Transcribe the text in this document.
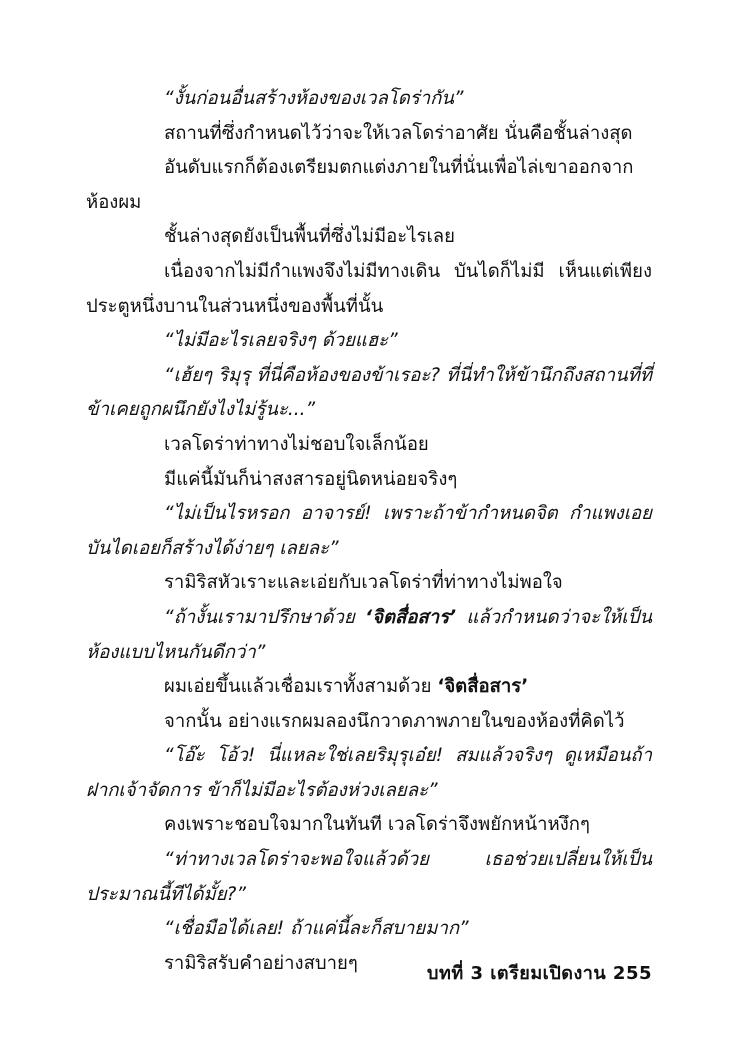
“งั้นก่อนอื่นสร้างห้องของเวลโดร่ากัน”

สถานที่ซึ่งกำหนดไว้ว่าจะให้เวลโดร่าอาศัย นั่นคือชั้นล่างสุด

อันดับแรกก็ต้องเตรียมตกแต่งภายในที่นั่นเพื่อไล่เขาออกจากห้องผม

ชั้นล่างสุดยังเป็นพื้นที่ซึ่งไม่มีอะไรเลย

เนื่องจากไม่มีกำแพงจึงไม่มีทางเดิน บันไดก็ไม่มี เห็นแต่เพียงประตูหนึ่งบานในส่วนหนึ่งของพื้นที่นั้น

“ไม่มีอะไรเลยจริงๆ ด้วยแฮะ”

“เฮ้ยๆ ริมุรุ ที่นี่คือห้องของข้าเรอะ? ที่นี่ทำให้ข้านึกถึงสถานที่ที่ข้าเคยถูกผนึกยังไงไม่รู้นะ...”

เวลโดร่าท่าทางไม่ชอบใจเล็กน้อย

มีแค่นี้มันก็น่าสงสารอยู่นิดหน่อยจริงๆ

“ไม่เป็นไรหรอก อาจารย์! เพราะถ้าข้ากำหนดจิต กำแพงเอย บันไดเอยก็สร้างได้ง่ายๆ เลยละ”

รามิริสหัวเราะและเอ่ยกับเวลโดร่าที่ท่าทางไม่พอใจ

“ถ้างั้นเรามาปรึกษาด้วย ‘จิตสื่อสาร’ แล้วกำหนดว่าจะให้เป็นห้องแบบไหนกันดีกว่า”

ผมเอ่ยขึ้นแล้วเชื่อมเราทั้งสามด้วย ‘จิตสื่อสาร’

จากนั้น อย่างแรกผมลองนึกวาดภาพภายในของห้องที่คิดไว้

“โอ๊ะ โอ้ว! นี่แหละใช่เลยริมุรุเอ๋ย! สมแล้วจริงๆ ดูเหมือนถ้าฝากเจ้าจัดการ ข้าก็ไม่มีอะไรต้องห่วงเลยละ”

คงเพราะชอบใจมากในทันที เวลโดร่าจึงพยักหน้าหงึกๆ

“ท่าทางเวลโดร่าจะพอใจแล้วด้วย เธอช่วยเปลี่ยนให้เป็นประมาณนี้ทีได้มั้ย?”

“เชื่อมือได้เลย! ถ้าแค่นี้ละก็สบายมาก”

รามิริสรับคำอย่างสบายๆ	บทที่ 3 เตรียมเปิดงาน 255
